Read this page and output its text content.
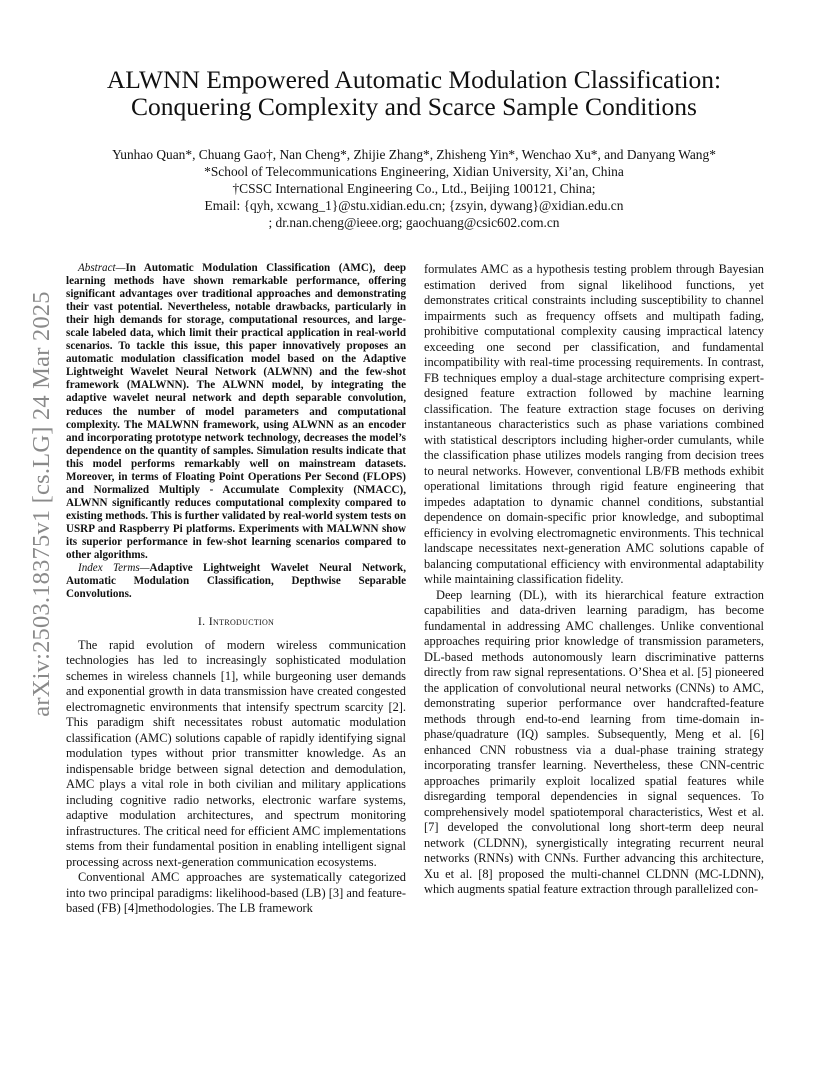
arXiv:2503.18375v1 [cs.LG] 24 Mar 2025
ALWNN Empowered Automatic Modulation Classification:
Conquering Complexity and Scarce Sample Conditions
Yunhao Quan*, Chuang Gao†, Nan Cheng*, Zhijie Zhang*, Zhisheng Yin*, Wenchao Xu*, and Danyang Wang*
*School of Telecommunications Engineering, Xidian University, Xi’an, China
†CSSC International Engineering Co., Ltd., Beijing 100121, China;
Email: {qyh, xcwang_1}@stu.xidian.edu.cn; {zsyin, dywang}@xidian.edu.cn
; dr.nan.cheng@ieee.org; gaochuang@csic602.com.cn

Abstract—In Automatic Modulation Classification (AMC), deep learning methods have shown remarkable performance, offering significant advantages over traditional approaches and demonstrating their vast potential. Nevertheless, notable drawbacks, particularly in their high demands for storage, computational resources, and large-scale labeled data, which limit their practical application in real-world scenarios. To tackle this issue, this paper innovatively proposes an automatic modulation classification model based on the Adaptive Lightweight Wavelet Neural Network (ALWNN) and the few-shot framework (MALWNN). The ALWNN model, by integrating the adaptive wavelet neural network and depth separable convolution, reduces the number of model parameters and computational complexity. The MALWNN framework, using ALWNN as an encoder and incorporating prototype network technology, decreases the model’s dependence on the quantity of samples. Simulation results indicate that this model performs remarkably well on mainstream datasets. Moreover, in terms of Floating Point Operations Per Second (FLOPS) and Normalized Multiply - Accumulate Complexity (NMACC), ALWNN significantly reduces computational complexity compared to existing methods. This is further validated by real-world system tests on USRP and Raspberry Pi platforms. Experiments with MALWNN show its superior performance in few-shot learning scenarios compared to other algorithms.

Index Terms—Adaptive Lightweight Wavelet Neural Network, Automatic Modulation Classification, Depthwise Separable Convolutions.

I. Introduction

The rapid evolution of modern wireless communication technologies has led to increasingly sophisticated modulation schemes in wireless channels [1], while burgeoning user demands and exponential growth in data transmission have created congested electromagnetic environments that intensify spectrum scarcity [2]. This paradigm shift necessitates robust automatic modulation classification (AMC) solutions capable of rapidly identifying signal modulation types without prior transmitter knowledge. As an indispensable bridge between signal detection and demodulation, AMC plays a vital role in both civilian and military applications including cognitive radio networks, electronic warfare systems, adaptive modulation architectures, and spectrum monitoring infrastructures. The critical need for efficient AMC implementations stems from their fundamental position in enabling intelligent signal processing across next-generation communication ecosystems.

Conventional AMC approaches are systematically categorized into two principal paradigms: likelihood-based (LB) [3] and feature-based (FB) [4]methodologies. The LB framework

formulates AMC as a hypothesis testing problem through Bayesian estimation derived from signal likelihood functions, yet demonstrates critical constraints including susceptibility to channel impairments such as frequency offsets and multipath fading, prohibitive computational complexity causing impractical latency exceeding one second per classification, and fundamental incompatibility with real-time processing requirements. In contrast, FB techniques employ a dual-stage architecture comprising expert-designed feature extraction followed by machine learning classification. The feature extraction stage focuses on deriving instantaneous characteristics such as phase variations combined with statistical descriptors including higher-order cumulants, while the classification phase utilizes models ranging from decision trees to neural networks. However, conventional LB/FB methods exhibit operational limitations through rigid feature engineering that impedes adaptation to dynamic channel conditions, substantial dependence on domain-specific prior knowledge, and suboptimal efficiency in evolving electromagnetic environments. This technical landscape necessitates next-generation AMC solutions capable of balancing computational efficiency with environmental adaptability while maintaining classification fidelity.

Deep learning (DL), with its hierarchical feature extraction capabilities and data-driven learning paradigm, has become fundamental in addressing AMC challenges. Unlike conventional approaches requiring prior knowledge of transmission parameters, DL-based methods autonomously learn discriminative patterns directly from raw signal representations. O’Shea et al. [5] pioneered the application of convolutional neural networks (CNNs) to AMC, demonstrating superior performance over handcrafted-feature methods through end-to-end learning from time-domain in-phase/quadrature (IQ) samples. Subsequently, Meng et al. [6] enhanced CNN robustness via a dual-phase training strategy incorporating transfer learning. Nevertheless, these CNN-centric approaches primarily exploit localized spatial features while disregarding temporal dependencies in signal sequences. To comprehensively model spatiotemporal characteristics, West et al. [7] developed the convolutional long short-term deep neural network (CLDNN), synergistically integrating recurrent neural networks (RNNs) with CNNs. Further advancing this architecture, Xu et al. [8] proposed the multi-channel CLDNN (MC-LDNN), which augments spatial feature extraction through parallelized con-
